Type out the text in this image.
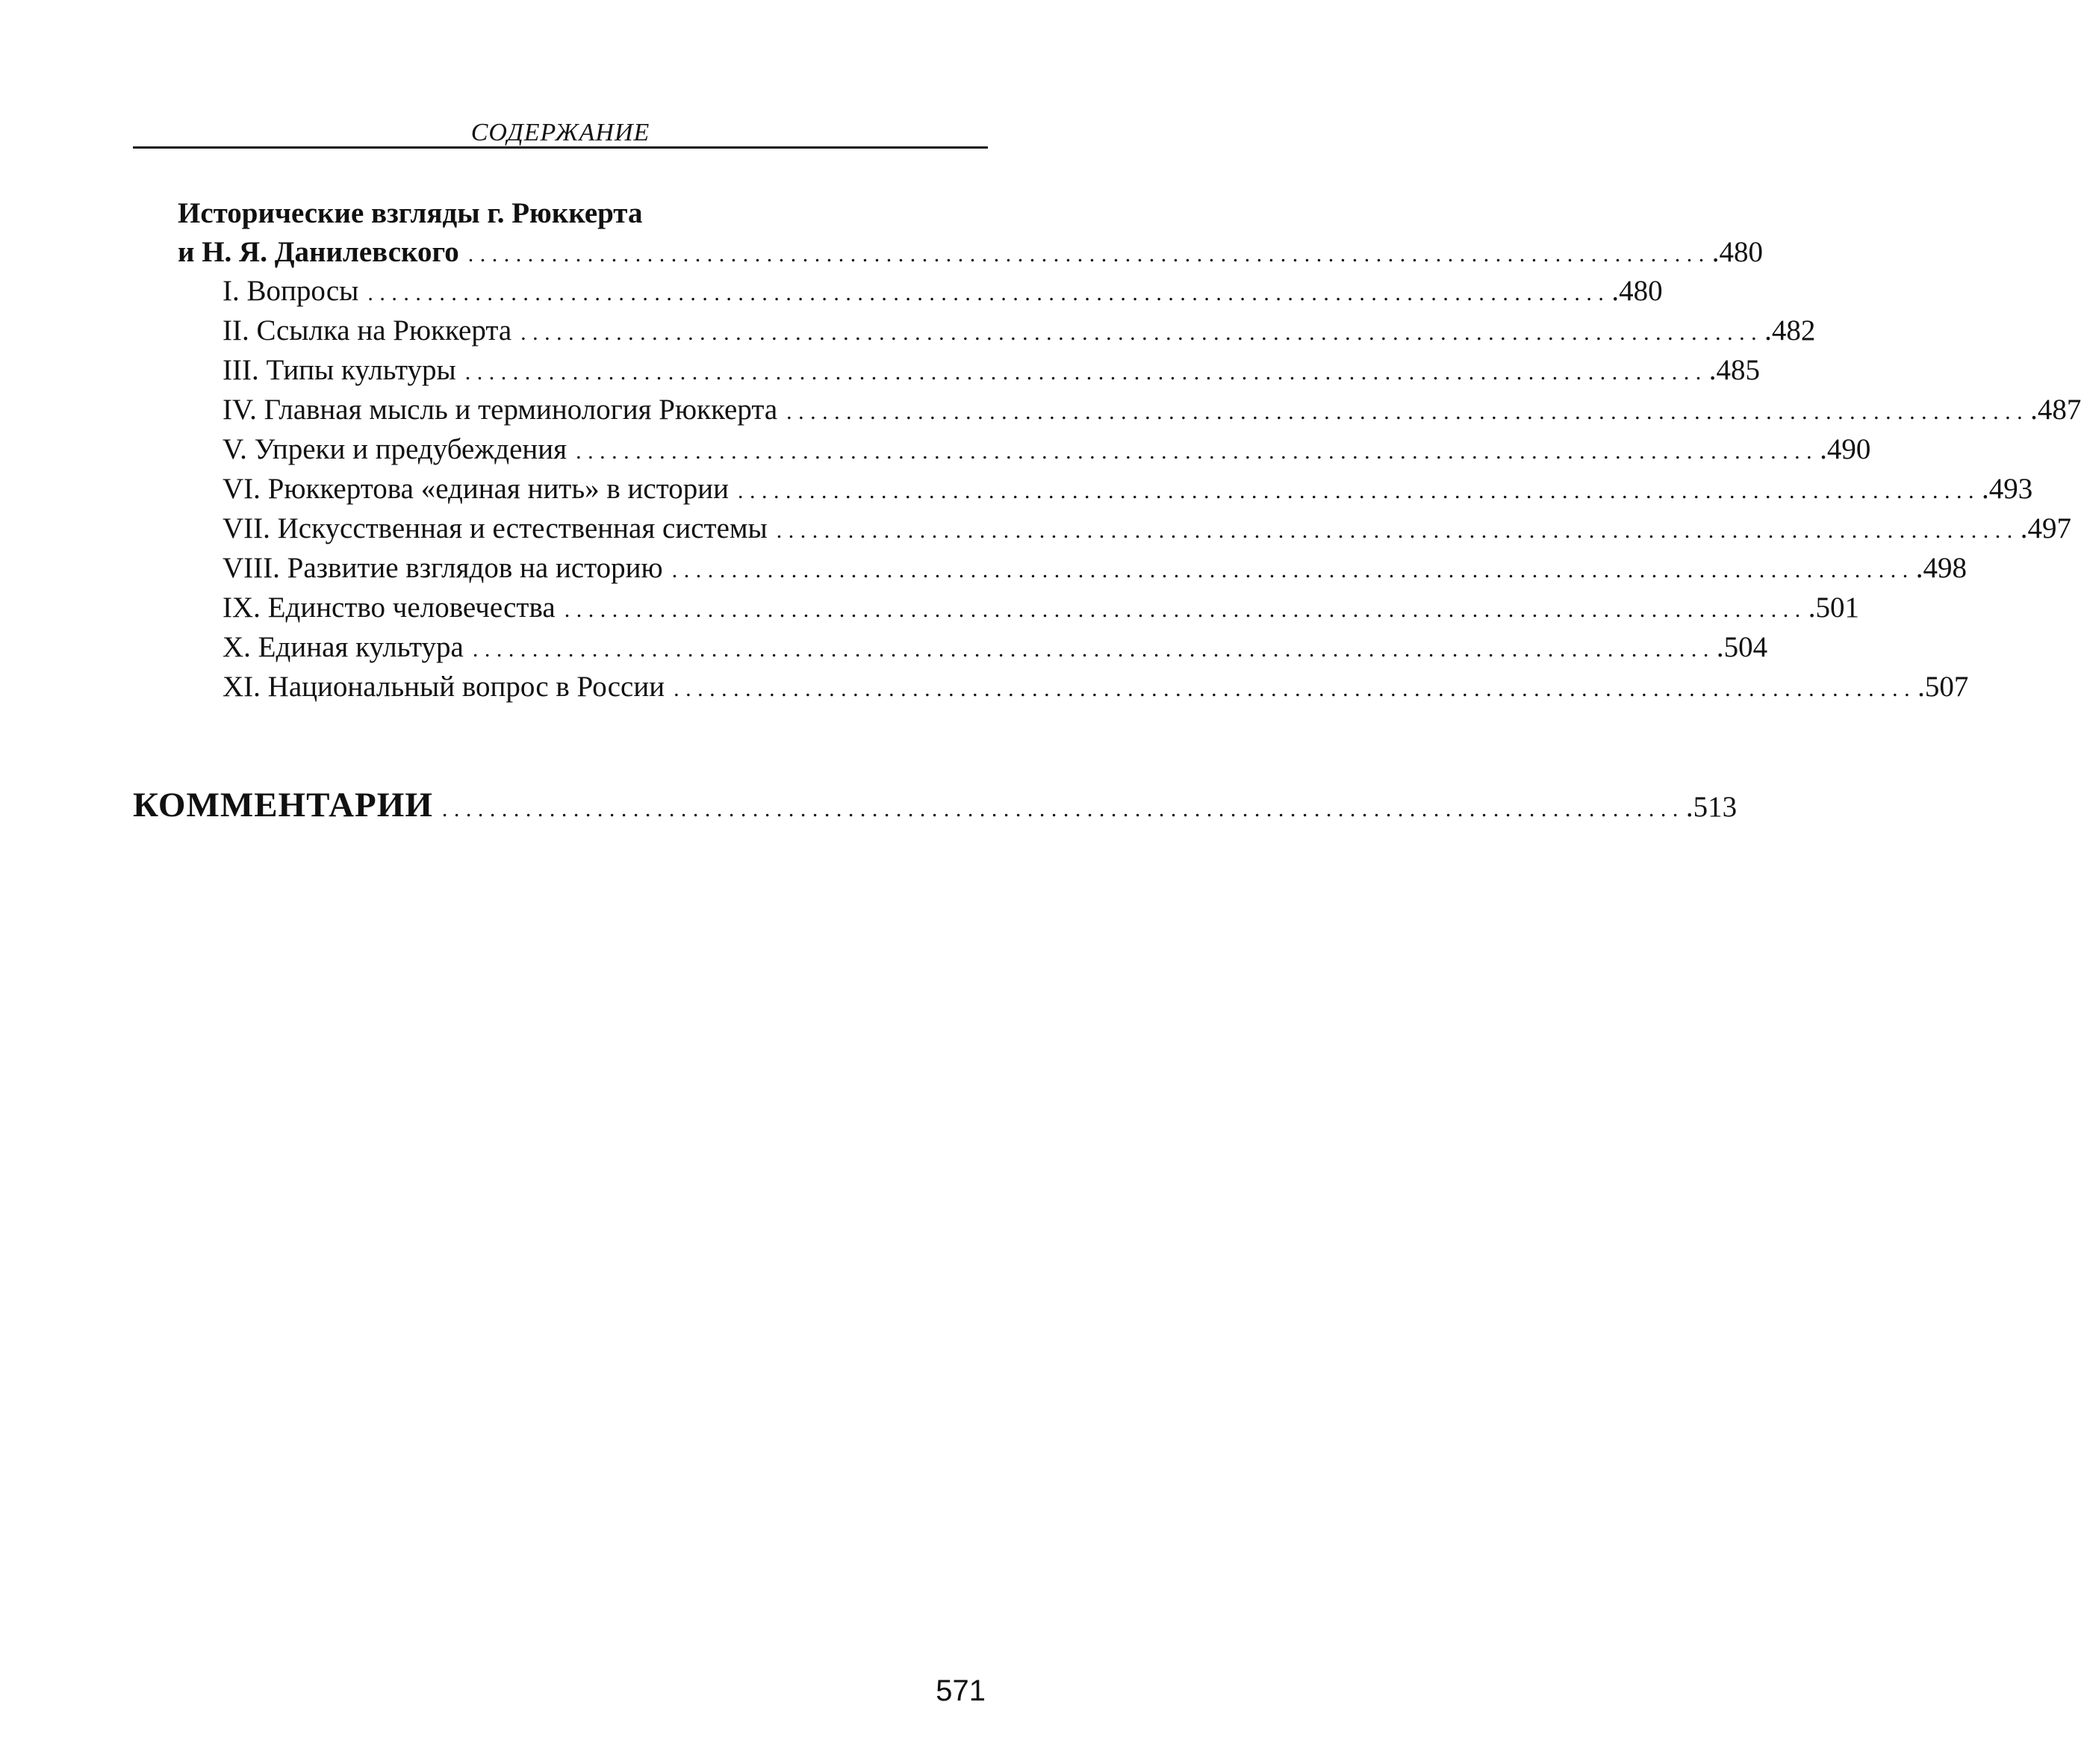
СОДЕРЖАНИЕ
Исторические взгляды г. Рюккерта
и Н. Я. Данилевского ........................................................................................................ .480
I. Вопросы ........................................................................................................ .480
II. Ссылка на Рюккерта ........................................................................................................ .482
III. Типы культуры ........................................................................................................ .485
IV. Главная мысль и терминология Рюккерта ........................................................................................................ .487
V. Упреки и предубеждения ........................................................................................................ .490
VI. Рюккертова «единая нить» в истории ........................................................................................................ .493
VII. Искусственная и естественная системы ........................................................................................................ .497
VIII. Развитие взглядов на историю ........................................................................................................ .498
IX. Единство человечества ........................................................................................................ .501
X. Единая культура ........................................................................................................ .504
XI. Национальный вопрос в России ........................................................................................................ .507
КОММЕНТАРИИ ........................................................................................................ .513
571
